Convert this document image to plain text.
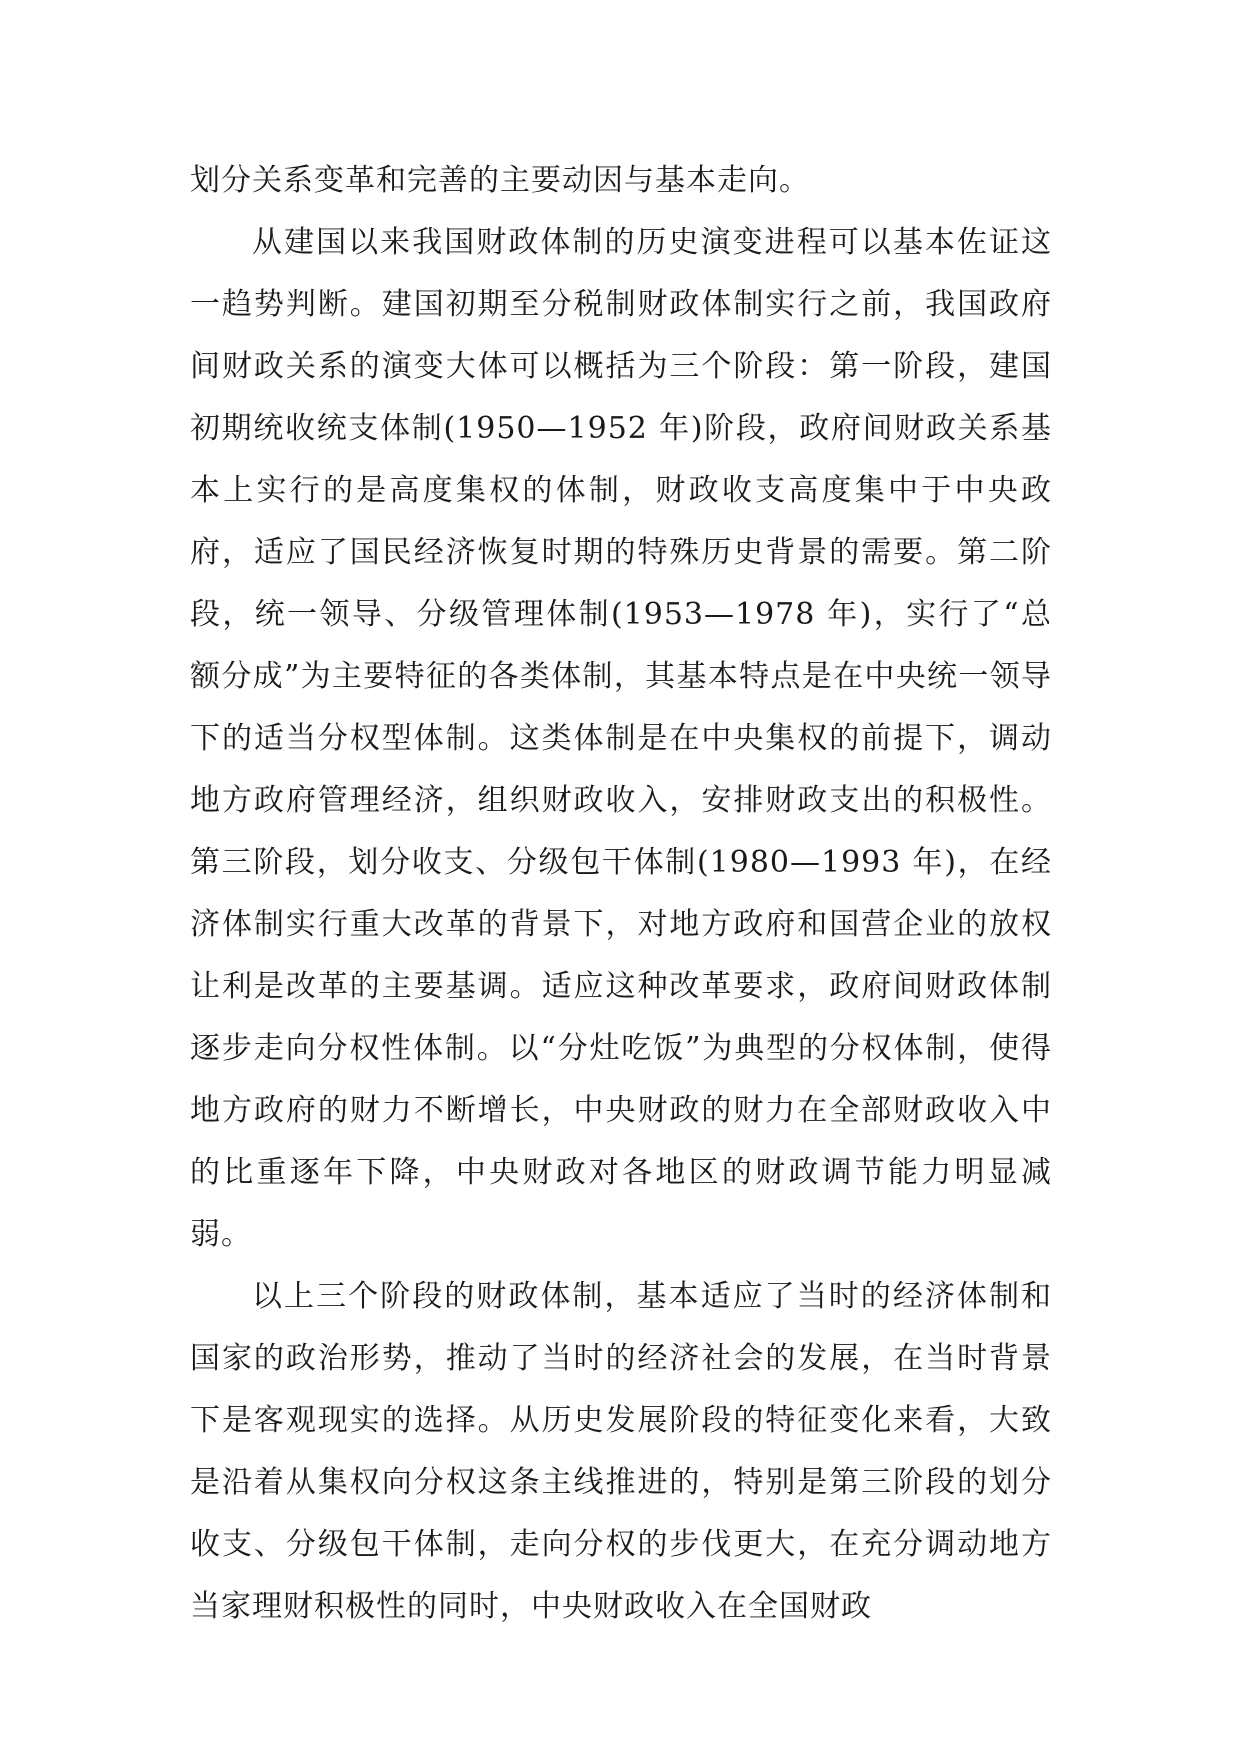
划分关系变革和完善的主要动因与基本走向。

从建国以来我国财政体制的历史演变进程可以基本佐证这一趋势判断。建国初期至分税制财政体制实行之前，我国政府间财政关系的演变大体可以概括为三个阶段：第一阶段，建国初期统收统支体制(1950—1952 年)阶段，政府间财政关系基本上实行的是高度集权的体制，财政收支高度集中于中央政府，适应了国民经济恢复时期的特殊历史背景的需要。第二阶段，统一领导、分级管理体制(1953—1978 年)，实行了“总额分成”为主要特征的各类体制，其基本特点是在中央统一领导下的适当分权型体制。这类体制是在中央集权的前提下，调动地方政府管理经济，组织财政收入，安排财政支出的积极性。第三阶段，划分收支、分级包干体制(1980—1993 年)，在经济体制实行重大改革的背景下，对地方政府和国营企业的放权让利是改革的主要基调。适应这种改革要求，政府间财政体制逐步走向分权性体制。以“分灶吃饭”为典型的分权体制，使得地方政府的财力不断增长，中央财政的财力在全部财政收入中的比重逐年下降，中央财政对各地区的财政调节能力明显减弱。

以上三个阶段的财政体制，基本适应了当时的经济体制和国家的政治形势，推动了当时的经济社会的发展，在当时背景下是客观现实的选择。从历史发展阶段的特征变化来看，大致是沿着从集权向分权这条主线推进的，特别是第三阶段的划分收支、分级包干体制，走向分权的步伐更大，在充分调动地方当家理财积极性的同时，中央财政收入在全国财政
